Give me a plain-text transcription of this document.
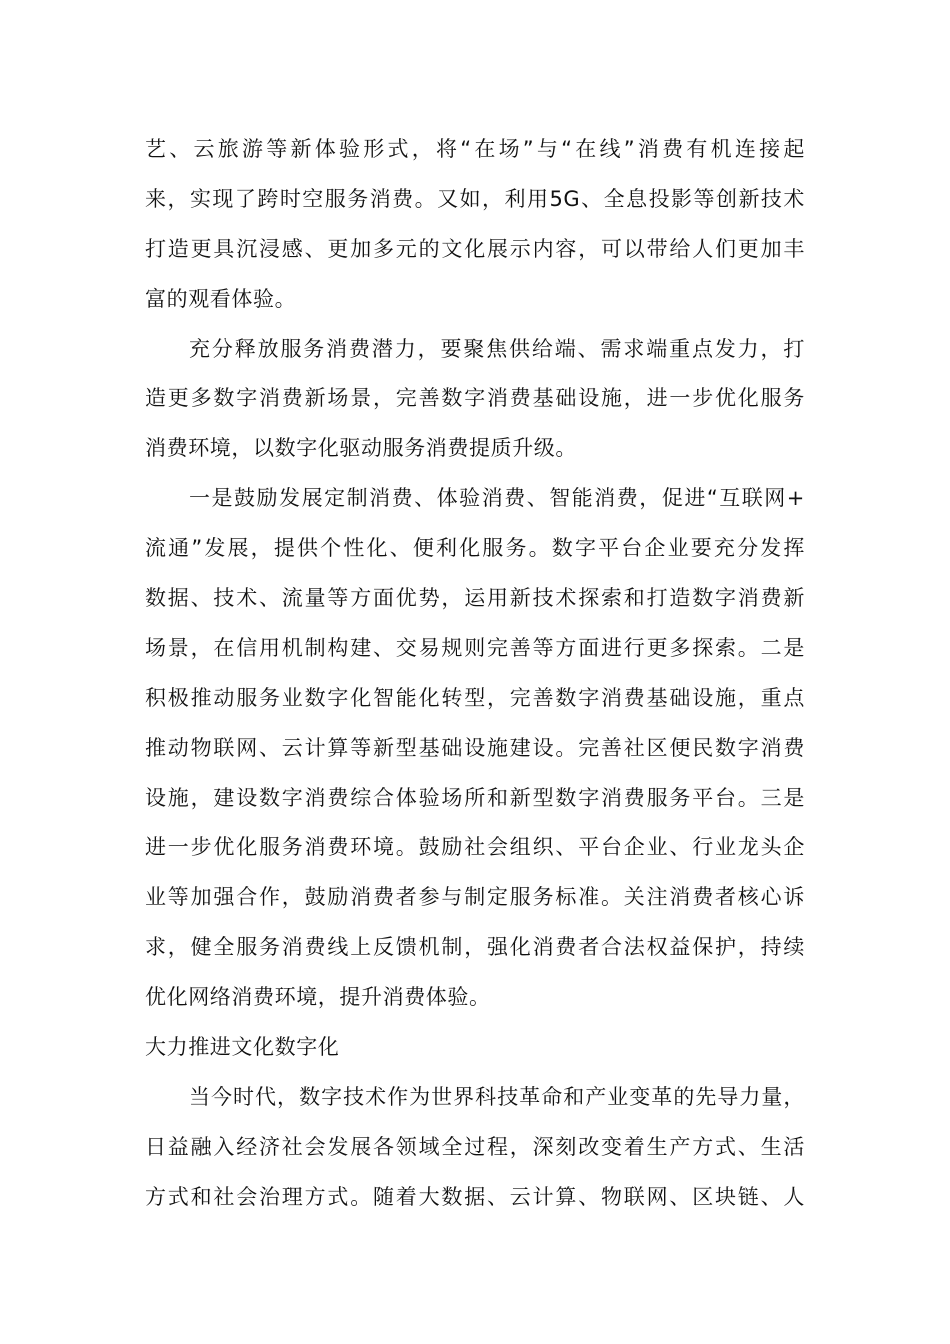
艺、云旅游等新体验形式，将“在场”与“在线”消费有机连接起
来，实现了跨时空服务消费。又如，利用5G、全息投影等创新技术
打造更具沉浸感、更加多元的文化展示内容，可以带给人们更加丰
富的观看体验。
充分释放服务消费潜力，要聚焦供给端、需求端重点发力，打
造更多数字消费新场景，完善数字消费基础设施，进一步优化服务
消费环境，以数字化驱动服务消费提质升级。
一是鼓励发展定制消费、体验消费、智能消费，促进“互联网+
流通”发展，提供个性化、便利化服务。数字平台企业要充分发挥
数据、技术、流量等方面优势，运用新技术探索和打造数字消费新
场景，在信用机制构建、交易规则完善等方面进行更多探索。二是
积极推动服务业数字化智能化转型，完善数字消费基础设施，重点
推动物联网、云计算等新型基础设施建设。完善社区便民数字消费
设施，建设数字消费综合体验场所和新型数字消费服务平台。三是
进一步优化服务消费环境。鼓励社会组织、平台企业、行业龙头企
业等加强合作，鼓励消费者参与制定服务标准。关注消费者核心诉
求，健全服务消费线上反馈机制，强化消费者合法权益保护，持续
优化网络消费环境，提升消费体验。
大力推进文化数字化
当今时代，数字技术作为世界科技革命和产业变革的先导力量，
日益融入经济社会发展各领域全过程，深刻改变着生产方式、生活
方式和社会治理方式。随着大数据、云计算、物联网、区块链、人
